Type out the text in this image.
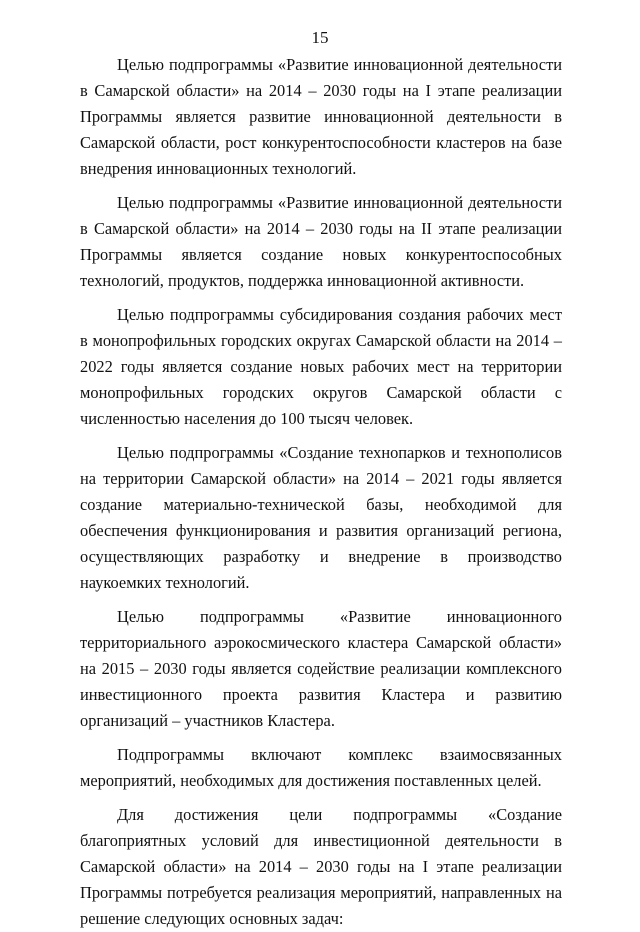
15

Целью подпрограммы «Развитие инновационной деятельности в Самарской области» на 2014 – 2030 годы на I этапе реализации Программы является развитие инновационной деятельности в Самарской области, рост конкурентоспособности кластеров на базе внедрения инновационных технологий.

Целью подпрограммы «Развитие инновационной деятельности в Самарской области» на 2014 – 2030 годы на II этапе реализации Программы является создание новых конкурентоспособных технологий, продуктов, поддержка инновационной активности.

Целью подпрограммы субсидирования создания рабочих мест в монопрофильных городских округах Самарской области на 2014 – 2022 годы является создание новых рабочих мест на территории монопрофильных городских округов Самарской области с численностью населения до 100 тысяч человек.

Целью подпрограммы «Создание технопарков и технополисов на территории Самарской области» на 2014 – 2021 годы является создание материально-технической базы, необходимой для обеспечения функционирования и развития организаций региона, осуществляющих разработку и внедрение в производство наукоемких технологий.

Целью подпрограммы «Развитие инновационного территориального аэрокосмического кластера Самарской области» на 2015 – 2030 годы является содействие реализации комплексного инвестиционного проекта развития Кластера и развитию организаций – участников Кластера.

Подпрограммы включают комплекс взаимосвязанных мероприятий, необходимых для достижения поставленных целей.

Для достижения цели подпрограммы «Создание благоприятных условий для инвестиционной деятельности в Самарской области» на 2014 – 2030 годы на I этапе реализации Программы потребуется реализация мероприятий, направленных на решение следующих основных задач:
